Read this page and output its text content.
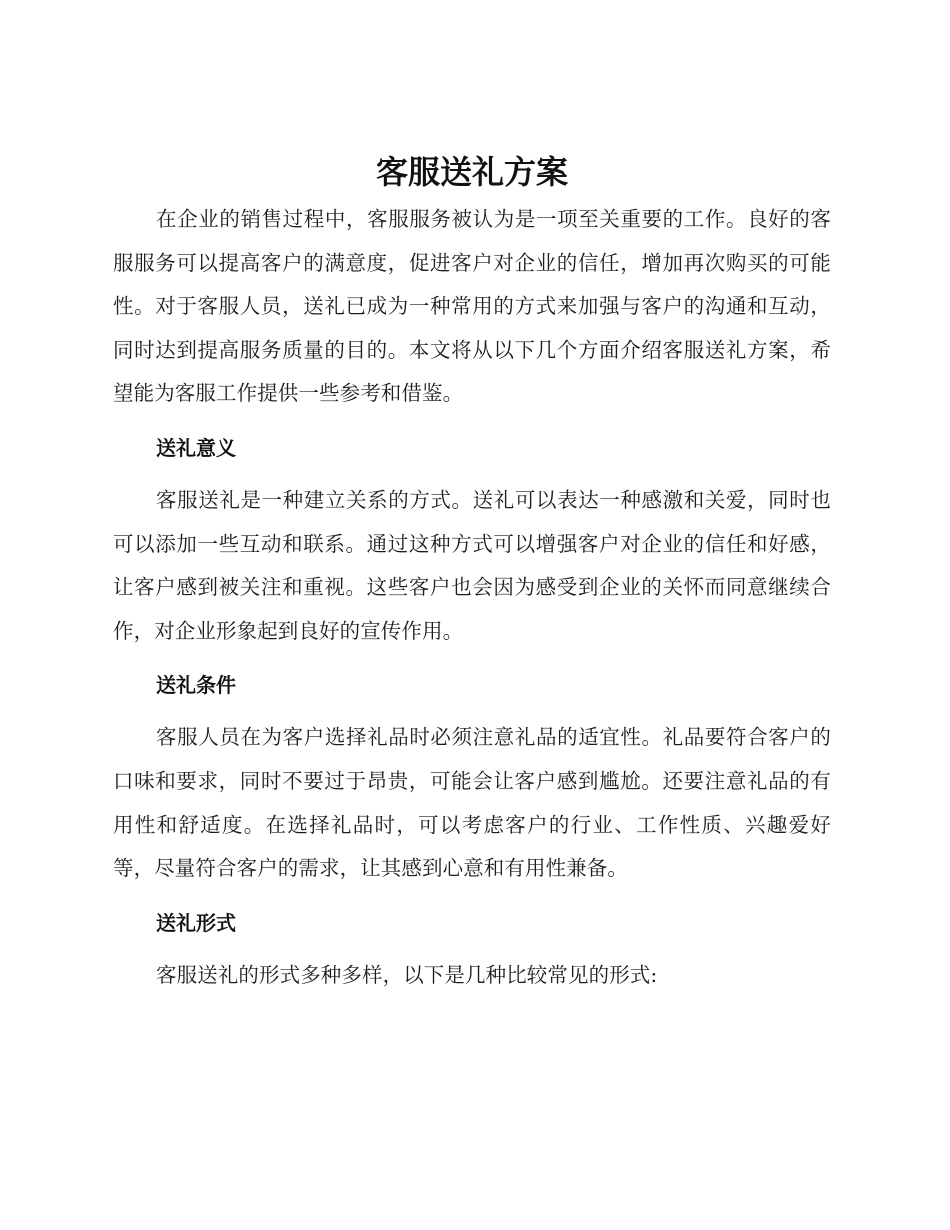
客服送礼方案

在企业的销售过程中，客服服务被认为是一项至关重要的工作。良好的客服服务可以提高客户的满意度，促进客户对企业的信任，增加再次购买的可能性。对于客服人员，送礼已成为一种常用的方式来加强与客户的沟通和互动，同时达到提高服务质量的目的。本文将从以下几个方面介绍客服送礼方案，希望能为客服工作提供一些参考和借鉴。

送礼意义

客服送礼是一种建立关系的方式。送礼可以表达一种感激和关爱，同时也可以添加一些互动和联系。通过这种方式可以增强客户对企业的信任和好感，让客户感到被关注和重视。这些客户也会因为感受到企业的关怀而同意继续合作，对企业形象起到良好的宣传作用。

送礼条件

客服人员在为客户选择礼品时必须注意礼品的适宜性。礼品要符合客户的口味和要求，同时不要过于昂贵，可能会让客户感到尴尬。还要注意礼品的有用性和舒适度。在选择礼品时，可以考虑客户的行业、工作性质、兴趣爱好等，尽量符合客户的需求，让其感到心意和有用性兼备。

送礼形式

客服送礼的形式多种多样，以下是几种比较常见的形式:
